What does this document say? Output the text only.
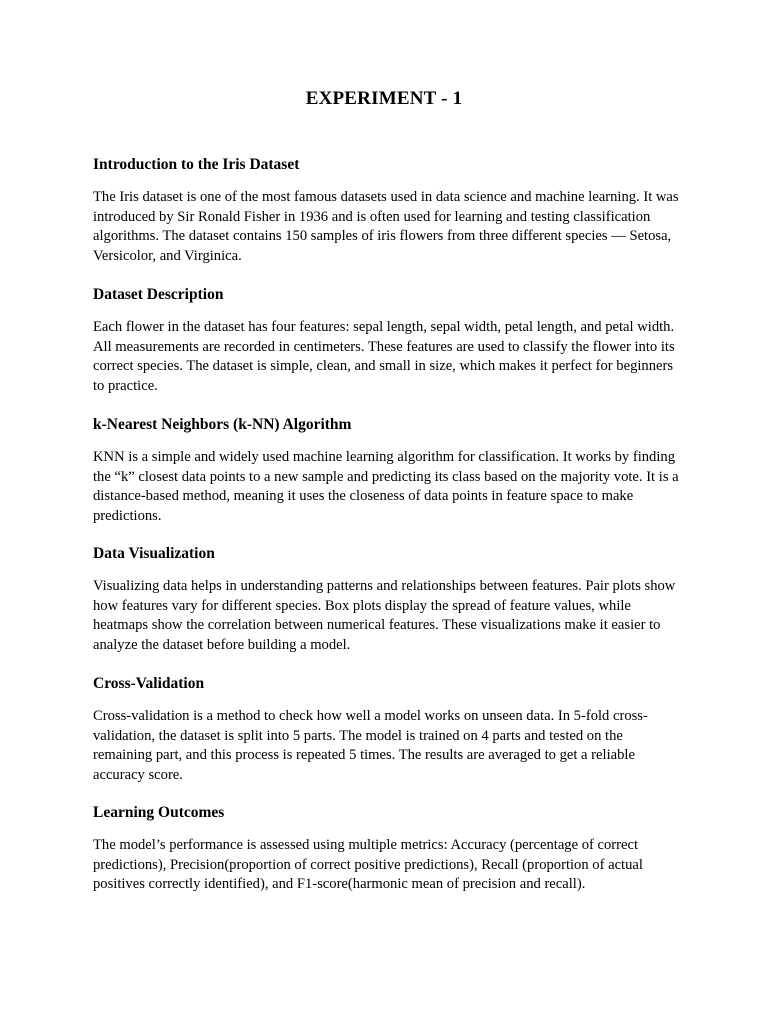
EXPERIMENT - 1
Introduction to the Iris Dataset

The Iris dataset is one of the most famous datasets used in data science and machine learning. It was introduced by Sir Ronald Fisher in 1936 and is often used for learning and testing classification algorithms. The dataset contains 150 samples of iris flowers from three different species — Setosa, Versicolor, and Virginica.

Dataset Description

Each flower in the dataset has four features: sepal length, sepal width, petal length, and petal width. All measurements are recorded in centimeters. These features are used to classify the flower into its correct species. The dataset is simple, clean, and small in size, which makes it perfect for beginners to practice.

k-Nearest Neighbors (k-NN) Algorithm

KNN is a simple and widely used machine learning algorithm for classification. It works by finding the “k” closest data points to a new sample and predicting its class based on the majority vote. It is a distance-based method, meaning it uses the closeness of data points in feature space to make predictions.

Data Visualization

Visualizing data helps in understanding patterns and relationships between features. Pair plots show how features vary for different species. Box plots display the spread of feature values, while heatmaps show the correlation between numerical features. These visualizations make it easier to analyze the dataset before building a model.

Cross-Validation

Cross-validation is a method to check how well a model works on unseen data. In 5-fold cross-validation, the dataset is split into 5 parts. The model is trained on 4 parts and tested on the remaining part, and this process is repeated 5 times. The results are averaged to get a reliable accuracy score.

Learning Outcomes

The model’s performance is assessed using multiple metrics: Accuracy (percentage of correct predictions), Precision(proportion of correct positive predictions), Recall (proportion of actual positives correctly identified), and F1-score(harmonic mean of precision and recall).
